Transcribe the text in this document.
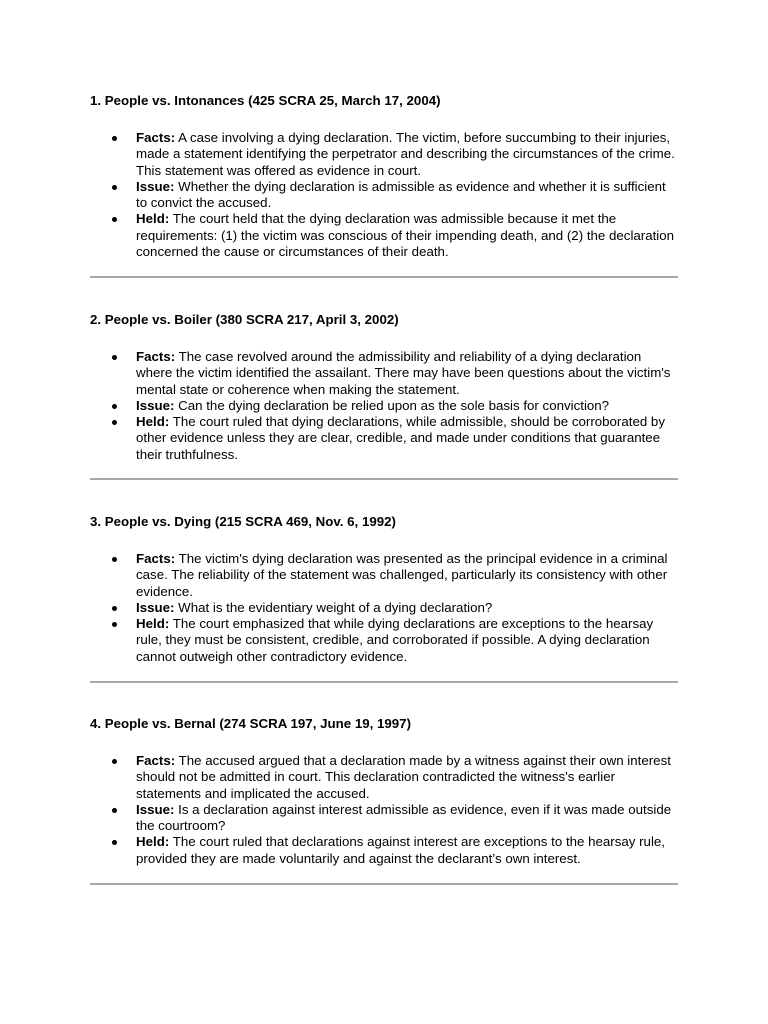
1. People vs. Intonances (425 SCRA 25, March 17, 2004)
Facts: A case involving a dying declaration. The victim, before succumbing to their injuries, made a statement identifying the perpetrator and describing the circumstances of the crime. This statement was offered as evidence in court.
Issue: Whether the dying declaration is admissible as evidence and whether it is sufficient to convict the accused.
Held: The court held that the dying declaration was admissible because it met the requirements: (1) the victim was conscious of their impending death, and (2) the declaration concerned the cause or circumstances of their death.
2. People vs. Boiler (380 SCRA 217, April 3, 2002)
Facts: The case revolved around the admissibility and reliability of a dying declaration where the victim identified the assailant. There may have been questions about the victim's mental state or coherence when making the statement.
Issue: Can the dying declaration be relied upon as the sole basis for conviction?
Held: The court ruled that dying declarations, while admissible, should be corroborated by other evidence unless they are clear, credible, and made under conditions that guarantee their truthfulness.
3. People vs. Dying (215 SCRA 469, Nov. 6, 1992)
Facts: The victim's dying declaration was presented as the principal evidence in a criminal case. The reliability of the statement was challenged, particularly its consistency with other evidence.
Issue: What is the evidentiary weight of a dying declaration?
Held: The court emphasized that while dying declarations are exceptions to the hearsay rule, they must be consistent, credible, and corroborated if possible. A dying declaration cannot outweigh other contradictory evidence.
4. People vs. Bernal (274 SCRA 197, June 19, 1997)
Facts: The accused argued that a declaration made by a witness against their own interest should not be admitted in court. This declaration contradicted the witness's earlier statements and implicated the accused.
Issue: Is a declaration against interest admissible as evidence, even if it was made outside the courtroom?
Held: The court ruled that declarations against interest are exceptions to the hearsay rule, provided they are made voluntarily and against the declarant’s own interest.
